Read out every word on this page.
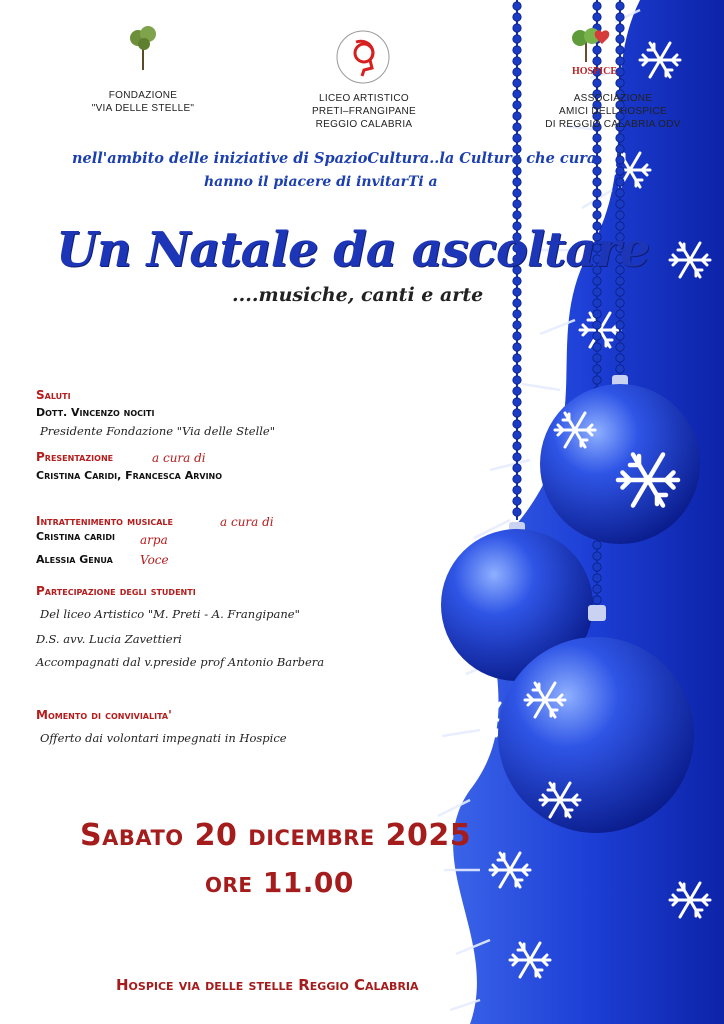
FONDAZIONE
"VIA DELLE STELLE"
LICEO ARTISTICO
PRETI–FRANGIPANE
REGGIO CALABRIA
HOSPICE
ASSOCIAZIONE
AMICI DELL'HOSPICE
DI REGGIO CALABRIA ODV
nell'ambito delle iniziative di SpazioCultura..la Cultura che cura
hanno il piacere di invitarTi a
Un Natale da ascoltare
....musiche, canti e arte
Saluti
Dott. Vincenzo nociti
Presidente Fondazione "Via delle Stelle"
Presentazione	a cura di
Cristina Caridi, Francesca Arvino
Intrattenimento musicale	a cura di
Cristina caridi arpa
Alessia Genua Voce
Partecipazione degli studenti
Del liceo Artistico "M. Preti - A. Frangipane"
D.S. avv. Lucia Zavettieri
Accompagnati dal v.preside prof Antonio Barbera
Momento di convivialita'
Offerto dai volontari impegnati in Hospice
Sabato 20 dicembre 2025
ore 11.00
Hospice via delle stelle Reggio Calabria
